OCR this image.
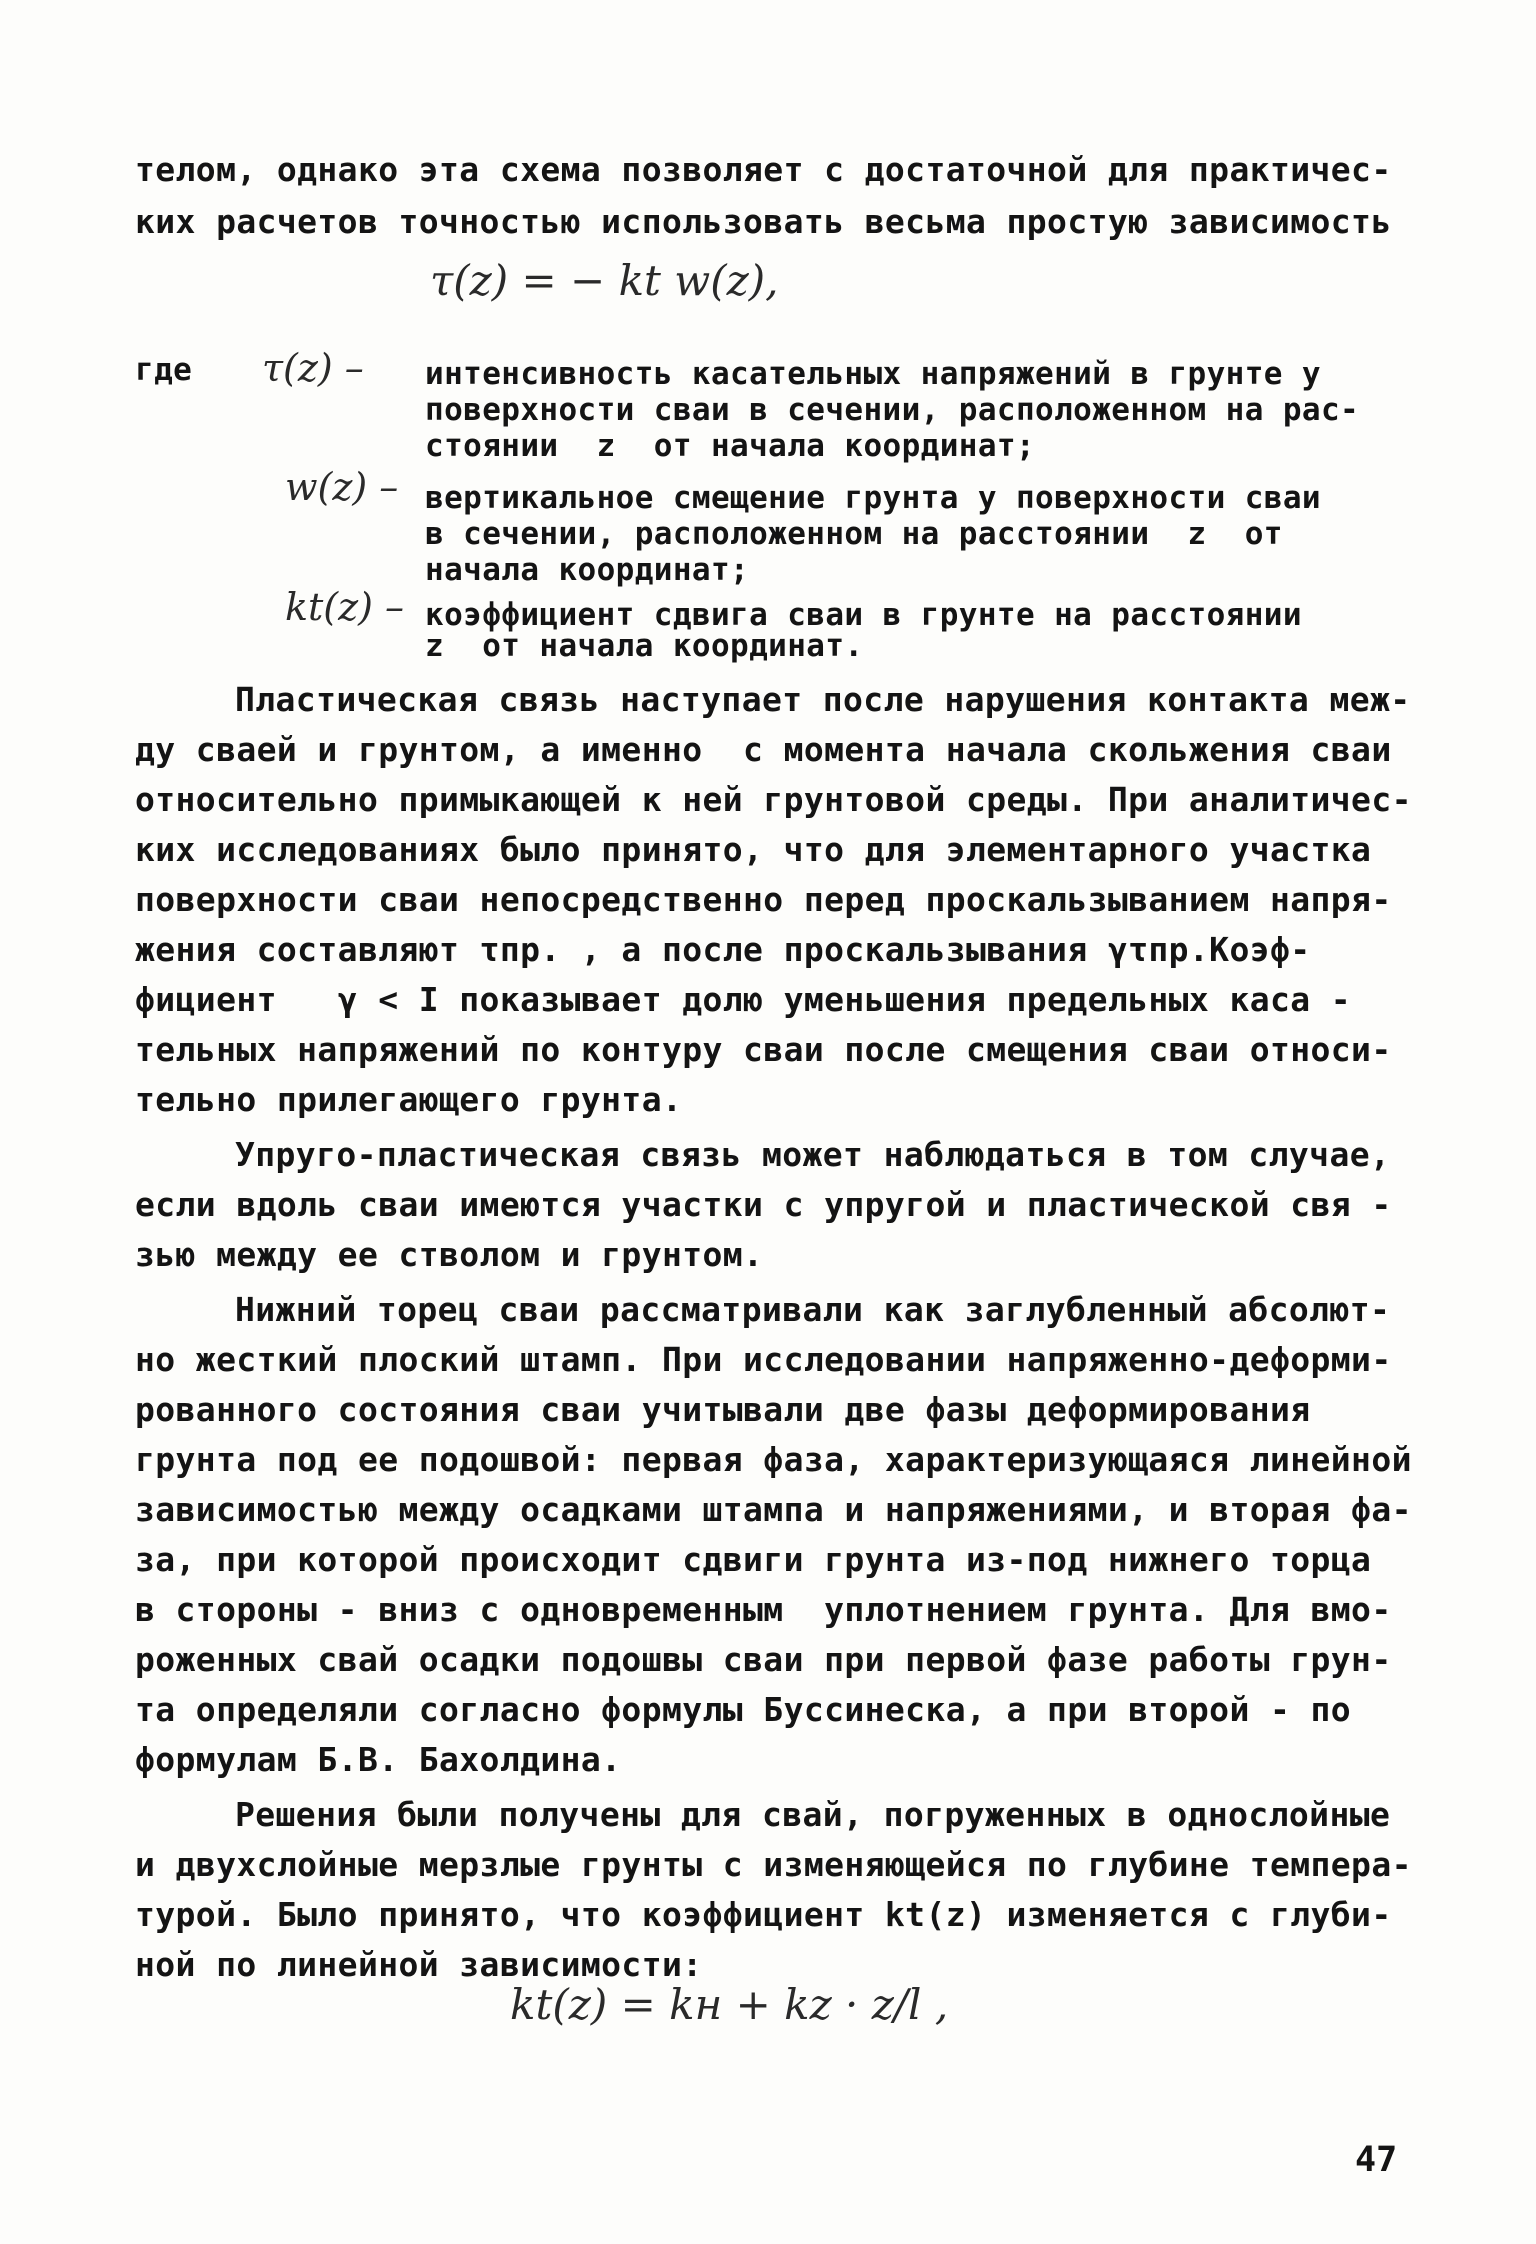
телом, однако эта схема позволяет с достаточной для практичес-
ких расчетов точностью использовать весьма простую зависимость
τ(z) = − kt w(z),
где τ(z) – интенсивность касательных напряжений в грунте у
поверхности сваи в сечении, расположенном на рас-
стоянии  z  от начала координат;
w(z) – вертикальное смещение грунта у поверхности сваи
в сечении, расположенном на расстоянии  z  от
начала координат;
kt(z) – коэффициент сдвига сваи в грунте на расстоянии
z  от начала координат.
Пластическая связь наступает после нарушения контакта меж-
ду сваей и грунтом, а именно  с момента начала скольжения сваи
относительно примыкающей к ней грунтовой среды. При аналитичес-
ких исследованиях было принято, что для элементарного участка
поверхности сваи непосредственно перед проскальзыванием напря-
жения составляют τпр. , а после проскальзывания γτпр.Коэф-
фициент   γ < I показывает долю уменьшения предельных каса -
тельных напряжений по контуру сваи после смещения сваи относи-
тельно прилегающего грунта.
Упруго-пластическая связь может наблюдаться в том случае,
если вдоль сваи имеются участки с упругой и пластической свя -
зью между ее стволом и грунтом.
Нижний торец сваи рассматривали как заглубленный абсолют-
но жесткий плоский штамп. При исследовании напряженно-деформи-
рованного состояния сваи учитывали две фазы деформирования
грунта под ее подошвой: первая фаза, характеризующаяся линейной
зависимостью между осадками штампа и напряжениями, и вторая фа-
за, при которой происходит сдвиги грунта из-под нижнего торца
в стороны - вниз с одновременным  уплотнением грунта. Для вмо-
роженных свай осадки подошвы сваи при первой фазе работы грун-
та определяли согласно формулы Буссинеска, а при второй - по
формулам Б.В. Бахолдина.
Решения были получены для свай, погруженных в однослойные
и двухслойные мерзлые грунты с изменяющейся по глубине темпера-
турой. Было принято, что коэффициент kt(z) изменяется с глуби-
ной по линейной зависимости:
kt(z) = kн + kz · z/l ,
47
